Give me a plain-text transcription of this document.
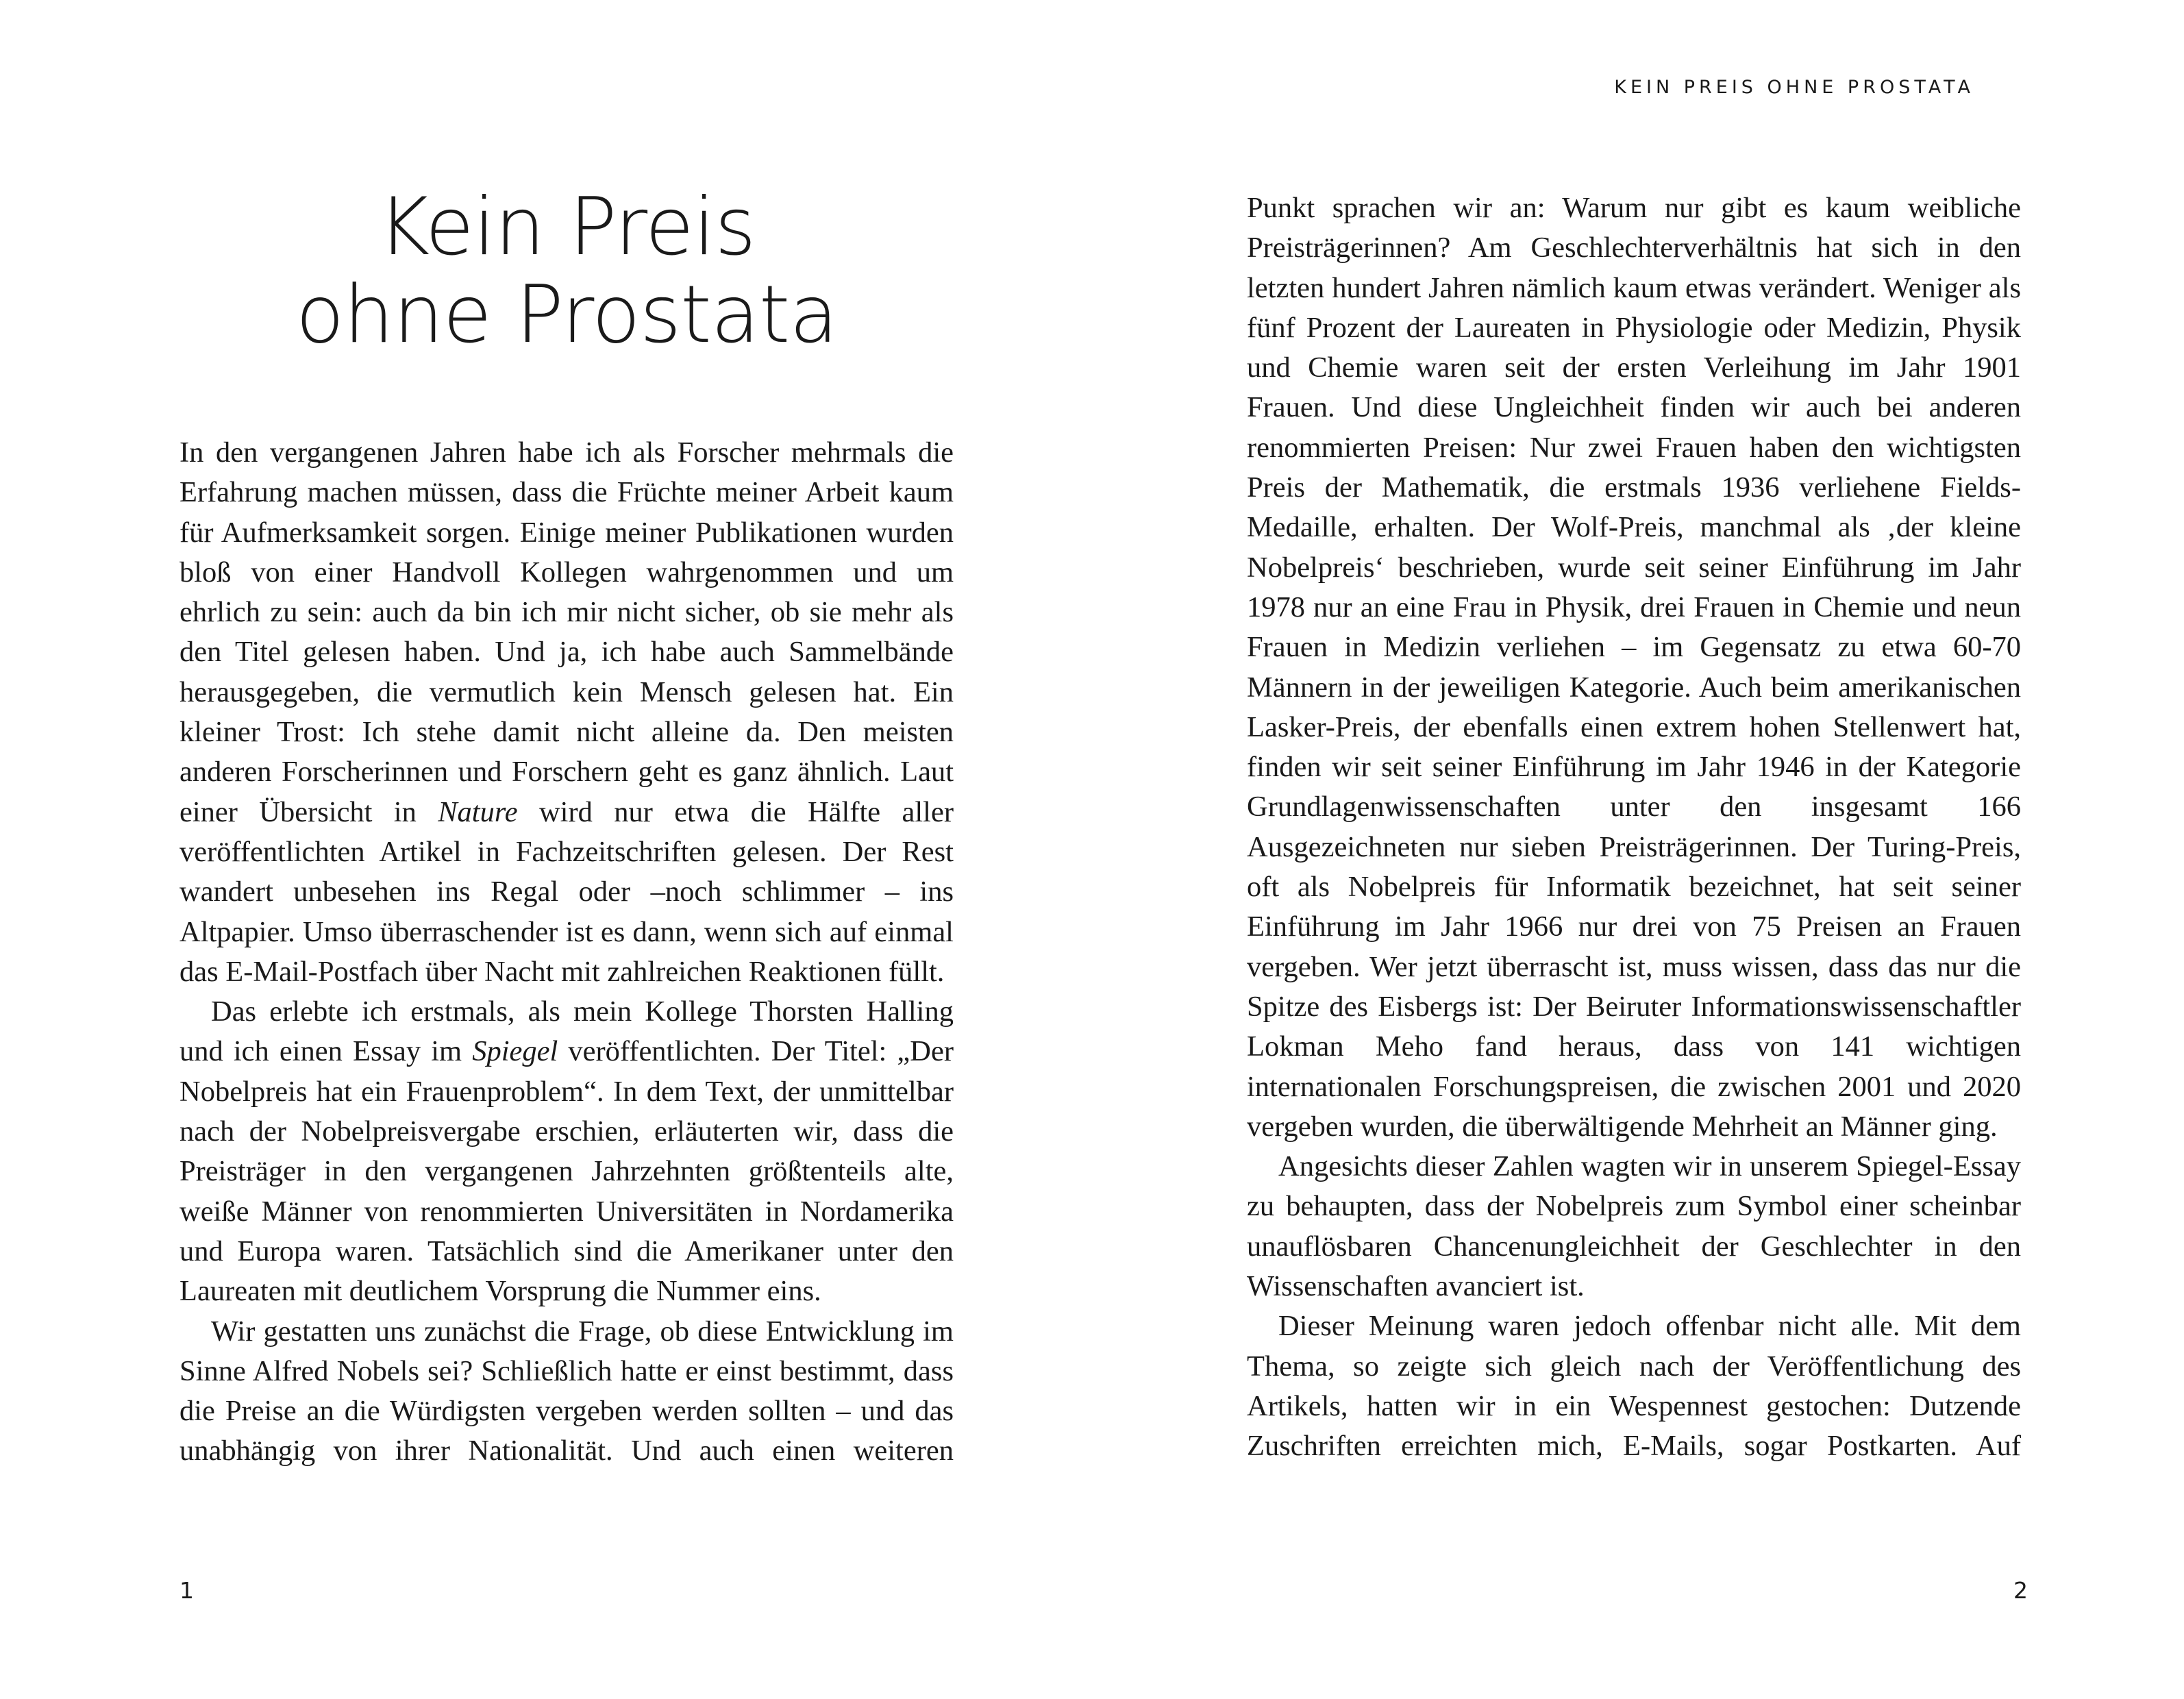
Kein Preis
ohne Prostata

In den vergangenen Jahren habe ich als Forscher mehrmals die Erfahrung machen müssen, dass die Früchte meiner Arbeit kaum für Aufmerksamkeit sorgen. Einige meiner Publikationen wurden bloß von einer Handvoll Kollegen wahrgenommen und um ehrlich zu sein: auch da bin ich mir nicht sicher, ob sie mehr als den Titel gelesen haben. Und ja, ich habe auch Sammelbände herausgegeben, die vermutlich kein Mensch gelesen hat. Ein kleiner Trost: Ich stehe damit nicht alleine da. Den meisten anderen Forscherinnen und Forschern geht es ganz ähnlich. Laut einer Übersicht in Nature wird nur etwa die Hälfte aller veröffentlichten Artikel in Fachzeitschriften gelesen. Der Rest wandert unbesehen ins Regal oder –noch schlimmer – ins Altpapier. Umso überraschender ist es dann, wenn sich auf einmal das E-Mail-Postfach über Nacht mit zahlreichen Reaktionen füllt.

Das erlebte ich erstmals, als mein Kollege Thorsten Halling und ich einen Essay im Spiegel veröffentlichten. Der Titel: „Der Nobelpreis hat ein Frauenproblem“. In dem Text, der unmittelbar nach der Nobelpreisvergabe erschien, erläuterten wir, dass die Preisträger in den vergangenen Jahrzehnten größtenteils alte, weiße Männer von renommierten Universitäten in Nordamerika und Europa waren. Tatsächlich sind die Amerikaner unter den Laureaten mit deutlichem Vorsprung die Nummer eins.

Wir gestatten uns zunächst die Frage, ob diese Entwicklung im Sinne Alfred Nobels sei? Schließlich hatte er einst bestimmt, dass die Preise an die Würdigsten vergeben werden sollten – und das unabhängig von ihrer Nationalität. Und auch einen weiteren

1
KEIN PREIS OHNE PROSTATA

Punkt sprachen wir an: Warum nur gibt es kaum weibliche Preisträgerinnen? Am Geschlechterverhältnis hat sich in den letzten hundert Jahren nämlich kaum etwas verändert. Weniger als fünf Prozent der Laureaten in Physiologie oder Medizin, Physik und Chemie waren seit der ersten Verleihung im Jahr 1901 Frauen. Und diese Ungleichheit finden wir auch bei anderen renommierten Preisen: Nur zwei Frauen haben den wichtigsten Preis der Mathematik, die erstmals 1936 verliehene Fields-Medaille, erhalten. Der Wolf-Preis, manchmal als ‚der kleine Nobelpreis‘ beschrieben, wurde seit seiner Einführung im Jahr 1978 nur an eine Frau in Physik, drei Frauen in Chemie und neun Frauen in Medizin verliehen – im Gegensatz zu etwa 60-70 Männern in der jeweiligen Kategorie. Auch beim amerikanischen Lasker-Preis, der ebenfalls einen extrem hohen Stellenwert hat, finden wir seit seiner Einführung im Jahr 1946 in der Kategorie Grundlagenwissenschaften unter den insgesamt 166 Ausgezeichneten nur sieben Preisträgerinnen. Der Turing-Preis, oft als Nobelpreis für Informatik bezeichnet, hat seit seiner Einführung im Jahr 1966 nur drei von 75 Preisen an Frauen vergeben. Wer jetzt überrascht ist, muss wissen, dass das nur die Spitze des Eisbergs ist: Der Beiruter Informationswissenschaftler Lokman Meho fand heraus, dass von 141 wichtigen internationalen Forschungspreisen, die zwischen 2001 und 2020 vergeben wurden, die überwältigende Mehrheit an Männer ging.

Angesichts dieser Zahlen wagten wir in unserem Spiegel-Essay zu behaupten, dass der Nobelpreis zum Symbol einer scheinbar unauflösbaren Chancenungleichheit der Geschlechter in den Wissenschaften avanciert ist.

Dieser Meinung waren jedoch offenbar nicht alle. Mit dem Thema, so zeigte sich gleich nach der Veröffentlichung des Artikels, hatten wir in ein Wespennest gestochen: Dutzende Zuschriften erreichten mich, E-Mails, sogar Postkarten. Auf

2
